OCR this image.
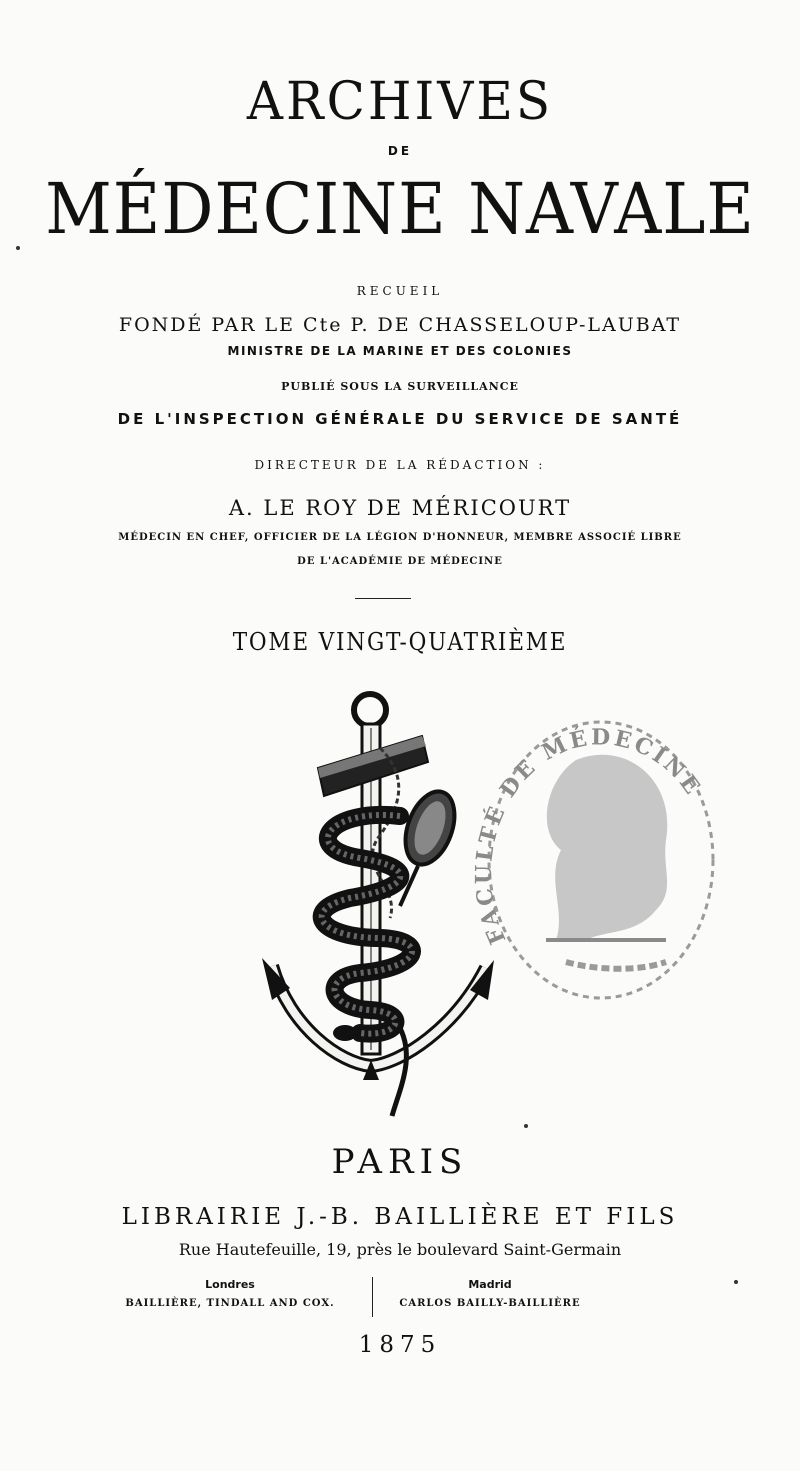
ARCHIVES
DE
MÉDECINE NAVALE
RECUEIL
FONDÉ PAR LE Cte P. DE CHASSELOUP-LAUBAT
MINISTRE DE LA MARINE ET DES COLONIES
PUBLIÉ SOUS LA SURVEILLANCE
DE L'INSPECTION GÉNÉRALE DU SERVICE DE SANTÉ
DIRECTEUR DE LA RÉDACTION :
A. LE ROY DE MÉRICOURT
MÉDECIN EN CHEF, OFFICIER DE LA LÉGION D'HONNEUR, MEMBRE ASSOCIÉ LIBRE
DE L'ACADÉMIE DE MÉDECINE
TOME VINGT-QUATRIÈME
FACULTÉ DE MÉDECINE
PARIS
LIBRAIRIE J.-B. BAILLIÈRE ET FILS
Rue Hautefeuille, 19, près le boulevard Saint-Germain
Londres
BAILLIÈRE, TINDALL AND COX.
Madrid
CARLOS BAILLY-BAILLIÈRE
1875
